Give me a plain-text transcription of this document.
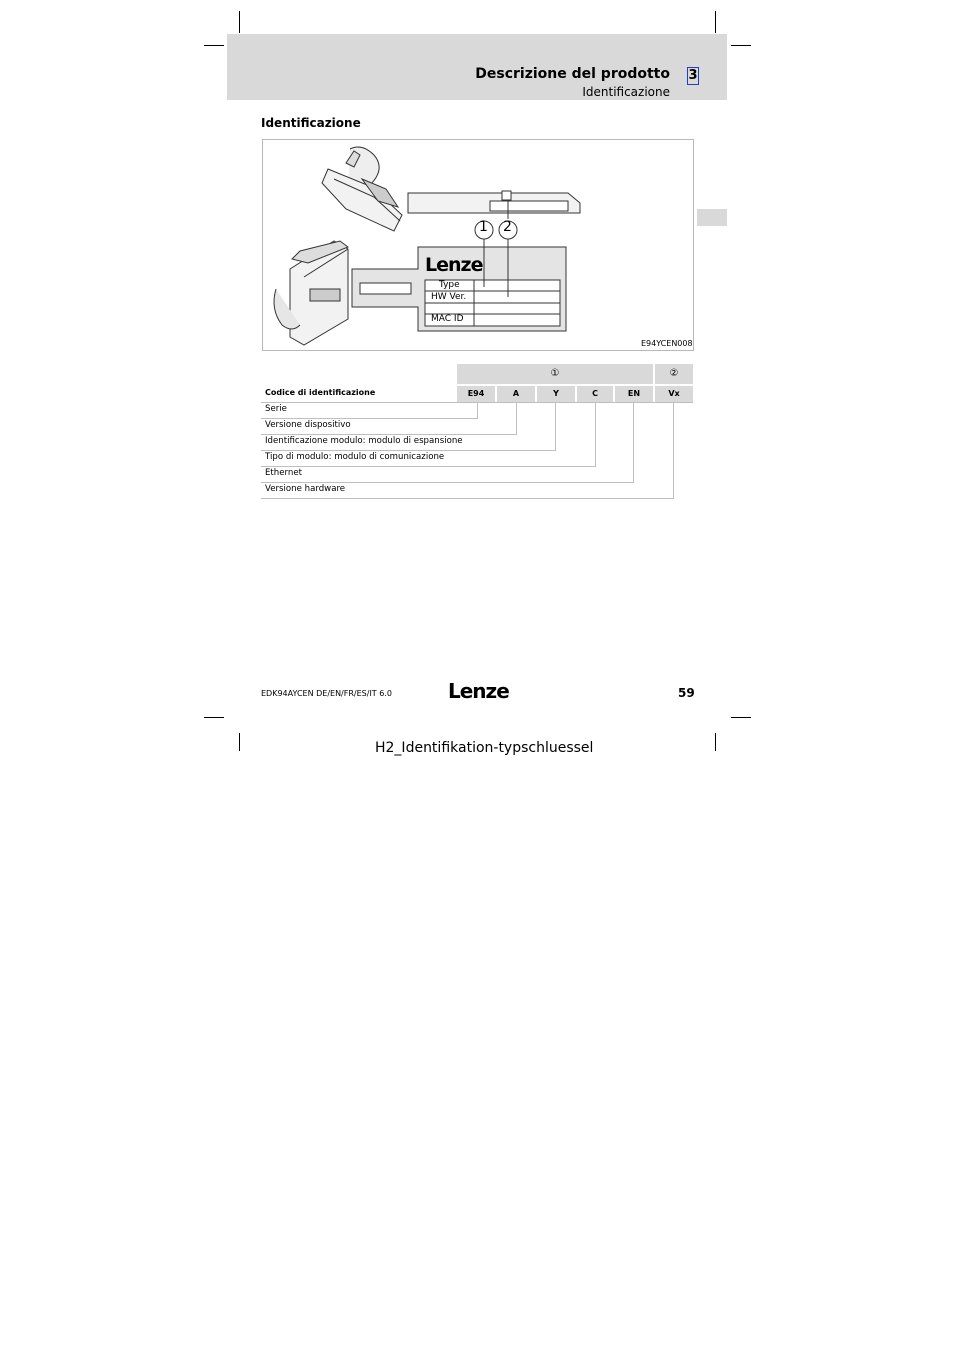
Descrizione del prodotto 3
Identificazione
Identificazione
1 2
Lenze
Type
HW Ver.
MAC ID
E94YCEN008
①	②
Codice di identificazione	E94	A	Y	C	EN	Vx
Serie
Versione dispositivo
Identificazione modulo: modulo di espansione
Tipo di modulo: modulo di comunicazione
Ethernet
Versione hardware
EDK94AYCEN DE/EN/FR/ES/IT 6.0	Lenze	59
H2_Identifikation-typschluessel
